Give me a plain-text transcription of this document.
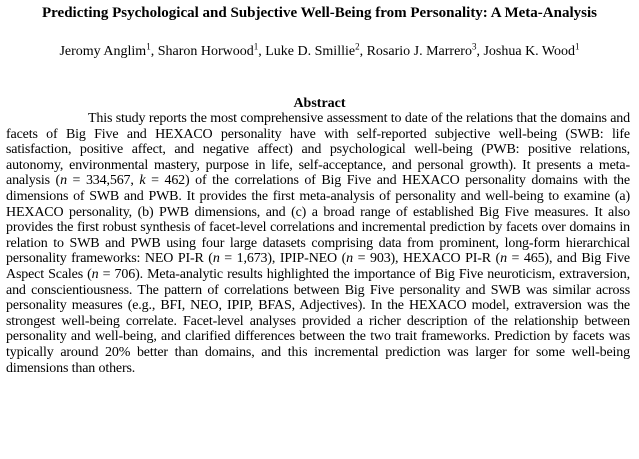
Predicting Psychological and Subjective Well-Being from Personality: A Meta-Analysis
Jeromy Anglim$^1$, Sharon Horwood$^1$, Luke D. Smillie$^2$, Rosario J. Marrero$^3$, Joshua K. Wood$^1$
Abstract

This study reports the most comprehensive assessment to date of the relations that the domains and facets of Big Five and HEXACO personality have with self-reported subjective well-being (SWB: life satisfaction, positive affect, and negative affect) and psychological well-being (PWB: positive relations, autonomy, environmental mastery, purpose in life, self-acceptance, and personal growth). It presents a meta-analysis (n = 334,567, k = 462) of the correlations of Big Five and HEXACO personality domains with the dimensions of SWB and PWB. It provides the first meta-analysis of personality and well-being to examine (a) HEXACO personality, (b) PWB dimensions, and (c) a broad range of established Big Five measures. It also provides the first robust synthesis of facet-level correlations and incremental prediction by facets over domains in relation to SWB and PWB using four large datasets comprising data from prominent, long-form hierarchical personality frameworks: NEO PI-R (n = 1,673), IPIP-NEO (n = 903), HEXACO PI-R (n = 465), and Big Five Aspect Scales (n = 706). Meta-analytic results highlighted the importance of Big Five neuroticism, extraversion, and conscientiousness. The pattern of correlations between Big Five personality and SWB was similar across personality measures (e.g., BFI, NEO, IPIP, BFAS, Adjectives). In the HEXACO model, extraversion was the strongest well-being correlate. Facet-level analyses provided a richer description of the relationship between personality and well-being, and clarified differences between the two trait frameworks. Prediction by facets was typically around 20% better than domains, and this incremental prediction was larger for some well-being dimensions than others.
